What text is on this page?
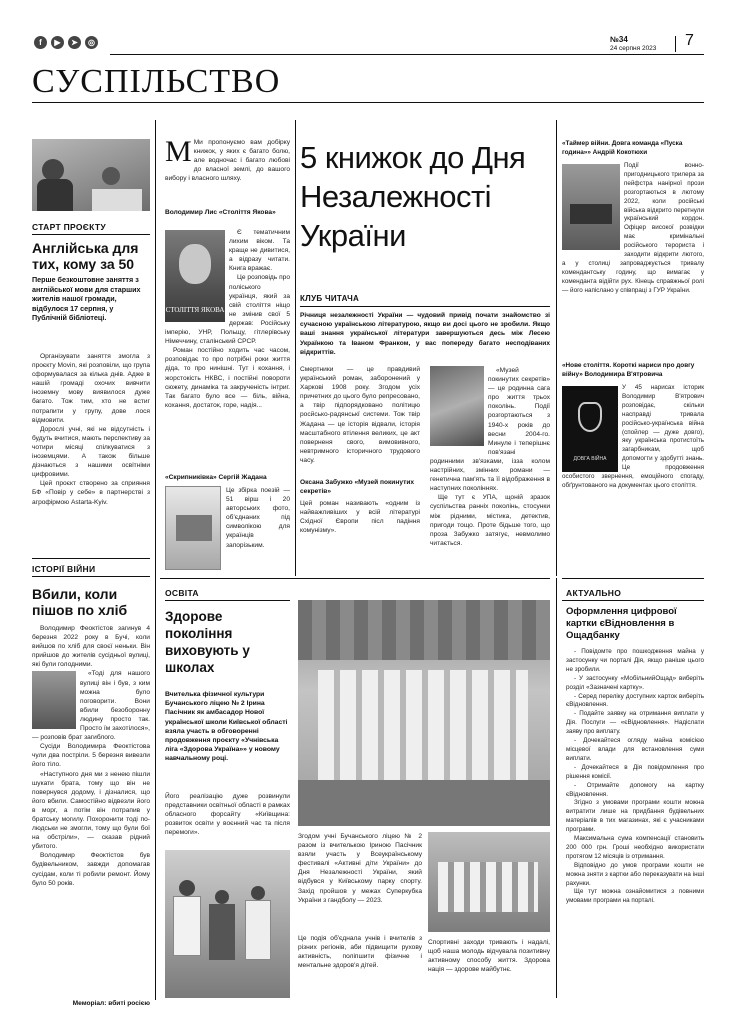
f	▶	➤	◎	№34
24 серпня 2023 7
СУСПІЛЬСТВО
СТАРТ ПРОЄКТУ
Англійська для тих, кому за 50
Перше безкоштовне заняття з англійської мови для старших жителів нашої громади, відбулося 17 серпня, у Публічній бібліотеці.

Організувати заняття змогла з проєкту Movin, які розповіли, що група сформувалася за кілька днів. Адже в нашій громаді охочих вивчити іноземну мову виявилося дуже багато. Тож тим, хто не встиг потрапити у групу, дове лося відмовити.

Дорослі учні, які не відсутність і будуть вчитися, мають перспективу за чотири місяці спілкуватися з іноземцями. А також більше дізнаються з нашими освітніми цифровими.

Цей проєкт створено за сприяння БФ «Повір у себе» в партнерстві з агрофірмою Astarta-Kyiv.

ІСТОРІЇ ВІЙНИ
Вбили, коли пішов по хліб

Володимир Феоктістов загинув 4 березня 2022 року в Бучі, коли вийшов по хліб для своєї неньки. Він прийшов до жителів сусідньої вулиці, які були голодними.

«Тоді для нашого вулиці він і був, з ким можна було поговорити. Вони вбили безоборонну людину просто так. Просто їм захотілося», — розповів брат загиблого.

Сусіди Володимира Феоктістова чули два постріли. 5 березня вивезли його тіло.

«Наступного дня ми з ненею пішли шукати брата, тому що він не повернувся додому, і дізналися, що його вбили. Самостійно відвезли його в морг, а потім він потрапив у братську могилу. Похоронити тоді по-людськи не змогли, тому що були бої на обстріли», — сказав рідний убитого.

Володимир Феоктістов був будівельником, завжди допомагав сусідам, коли ті робили ремонт. Йому було 50 років.

Меморіал: вбиті росією
М Ми пропонуємо вам добірку книжок, у яких є багато болю, але водночас і багато любові до власної землі, до вашого вибору і власного шляху.
Володимир Лис «Століття Якова»
СТОЛІТТЯ ЯКОВА

Є тематичним лихим віком. Та краще не дивитися, а відразу читати. Книга вражає.

Це розповідь про поліського українця, який за свій століття ніщо не змінив свої 5 держав: Російську імперію, УНР, Польщу, гітлерівську Німеччину, сталінський СРСР.

Роман постійно ходить час часом, розповідає то про потрібні роки життя діда, то про нинішні. Тут і кохання, і жорстокість НКВС, і постійні повороти сюжету, динаміка та закрученість інтриг. Так багато було все — біль, війна, кохання, достаток, горе, надія...

«Скрипниківка» Сергій Жадана
Це збірка поезій — 51 вірш і 20 авторських фото, об'єднаних під символікою для українців запорізьким.
5 книжок до Дня Незалежності України
КЛУБ ЧИТАЧА
Річниця незалежності України — чудовий привід почати знайомство зі сучасною українською літературою, якщо ви досі цього не зробили. Якщо ваші знання української літератури завершуються десь між Лесею Українкою та Іваном Франком, у вас попереду багато несподіваних відкриттів.
Смертники — це правдивий український роман, заборонений у Харкові 1908 року. Згодом усіх причетних до цього було репресовано, а твір підпорядковано політицю росйсько-радянськї системи. Тож твір Жадана — це історія відвали, історія масштабного втілення великих, це акт поверненя свого, вимовивного, невтримного історичного трудового часу.
Оксана Забужко «Музей покинутих секретів»
Цей роман називають «одним із найважливіших у всій літературі Східної Європи післ падіння комунізму».

«Музей покинутих секретів» — це родинна сага про життя трьох поколінь. Події розгортаються з 1940-х років до весни 2004-го. Минуле і теперішнє пов'язані родинними зв'язками, ізза колом настрійних, змінних романи — генетична пам'ять та її відображення в наступних поколіннях.

Ще тут є УПА, щоній зразок суспільства ранніх поколінь, стосунки між рідними, містика, детектив, пригоди тощо. Проте бідьше того, що проза Забужко затягує, невмолимо читається.

«Таймер війни. Довга команда «Пуска година»» Андрій Кокотюхи
Події вонно-пригодницького трилера за пейфстра нанірної прози розгортаються в лютому 2022, коли російські війська відкрито перетнули український кордон. Офіцер високої розвідки має кримінальні російського терориста і заходити відкрити лютого, а у столиці запроваджується тривалу комендантську годину, що вимагає у коменданта відійти рух. Кінець справжньої ролі — його напіслано у співпраці з ГУР України.
«Нове століття. Короткі нариси про довгу війну» Володимира В'ятровича
ДОВГА ВІЙНА
У 45 нарисах історик Володимир В'ятрович розповідає, скільки насправді тривала російсько-українська війна (спойлер — дуже довго), яку українська протистоїть загарбникам, щоб допомогти у здобутті знань. Це продовження особистого звернення, емоційного спогаду, обґрунтованого на документах цього століття.
ОСВІТА
Здорове покоління виховують у школах
Вчителька фізичної культури Бучанського ліцею № 2 Ірина Пасічник як амбасадор Нової української школи Київської області взяла участь в обговоренні продовження проєкту «Учнівська ліга «Здорова Україна»» у новому навчальному році.
Його реалізацію дуже розвинули представники освітньої області в рамках обласного форсайту «Київщина: розвиток освіти у воєнний час та після перемоги».
Згодом учні Бучанського ліцею № 2 разом із вчителькою Іриною Пасічник взяли участь у Всеукраїнському фестивалі «Активні діти України» до Дня Незалежності України, який відбувся у Київському парку спорту. Захід пройшов у межах Суперкубка України з гандболу — 2023.
Це подія об'єднала учнів і вчителів з різних регіонів, аби підвищити рухову активність, поліпшити фізичне і ментальне здоров'я дітей.
Спортивні заходи тривають і надалі, щоб наша молодь відчувала позитивну активному способу життя. Здорова нація — здорове майбутнє.
АКТУАЛЬНО
Оформлення цифрової картки єВідновлення в Ощадбанку

- Повідомте про пошкодження майна у застосунку чи порталі Дія, якщо раніше цього не зробили.

- У застосунку «МобільнийОщад» виберіть розділ «Зазначені картку».

- Серед переліку доступних карток виберіть єВідновлення.

- Подайте заявку на отримання виплати у Дія. Послуги — «єВідновлення». Надіслати заяву про виплату.

- Дочекайтеся огляду майна комісією місцевої влади для встановлення суми виплати.

- Дочекайтеся в Дія повідомлення про рішення комісії.

- Отримайте допомогу на картку єВідновлення.

Згідно з умовами програми кошти можна витратити лише на придбання будівельних матеріалів в тих магазинах, які є учасниками програми.

Максимальна сума компенсації становить 200 000 грн. Гроші необхідно використати протягом 12 місяців із отримання.

Відповідно до умов програми кошти не можна зняти з картки або переказувати на інші рахунки.

Ще тут можна ознайомитися з повними умовами програми на порталі.
